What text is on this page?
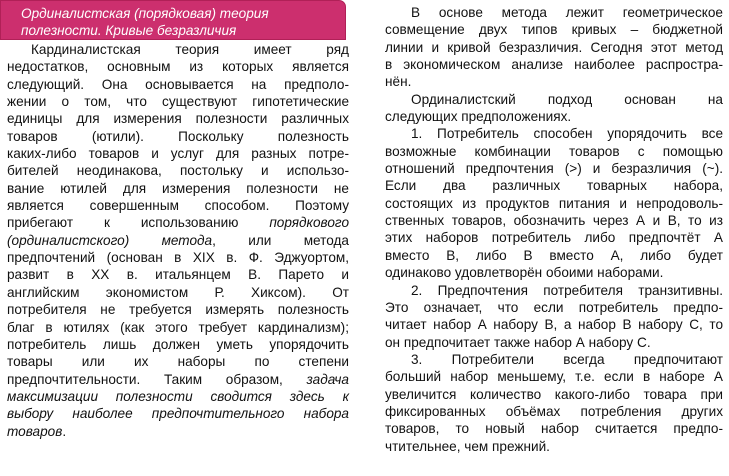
Ординалистская (порядковая) теория
полезности. Кривые безразличия
Кардиналистская теория имеет ряд
недостатков, основным из которых является
следующий. Она основывается на предполо-
жении о том, что существуют гипотетические
единицы для измерения полезности различных
товаров (ютили). Поскольку полезность
каких-либо товаров и услуг для разных потре-
бителей неодинакова, постольку и использо-
вание ютилей для измерения полезности не
является совершенным способом. Поэтому
прибегают к использованию порядкового
(ординалистского) метода, или метода
предпочтений (основан в XIX в. Ф. Эджуортом,
развит в XX в. итальянцем В. Парето и
английским экономистом Р. Хиксом). От
потребителя не требуется измерять полезность
благ в ютилях (как этого требует кардинализм);
потребитель лишь должен уметь упорядочить
товары или их наборы по степени
предпочтительности. Таким образом, задача
максимизации полезности сводится здесь к
выбору наиболее предпочтительного набора
товаров.
В основе метода лежит геометрическое
совмещение двух типов кривых – бюджетной
линии и кривой безразличия. Сегодня этот метод
в экономическом анализе наиболее распростра-
нён.
Ординалистский подход основан на
следующих предположениях.
1. Потребитель способен упорядочить все
возможные комбинации товаров с помощью
отношений предпочтения (>) и безразличия (~).
Если два различных товарных набора,
состоящих из продуктов питания и непродоволь-
ственных товаров, обозначить через А и В, то из
этих наборов потребитель либо предпочтёт А
вместо В, либо В вместо А, либо будет
одинаково удовлетворён обоими наборами.
2. Предпочтения потребителя транзитивны.
Это означает, что если потребитель предпо-
читает набор А набору В, а набор В набору С, то
он предпочитает также набор А набору С.
3. Потребители всегда предпочитают
больший набор меньшему, т.е. если в наборе А
увеличится количество какого-либо товара при
фиксированных объёмах потребления других
товаров, то новый набор считается предпо-
чтительнее, чем прежний.
